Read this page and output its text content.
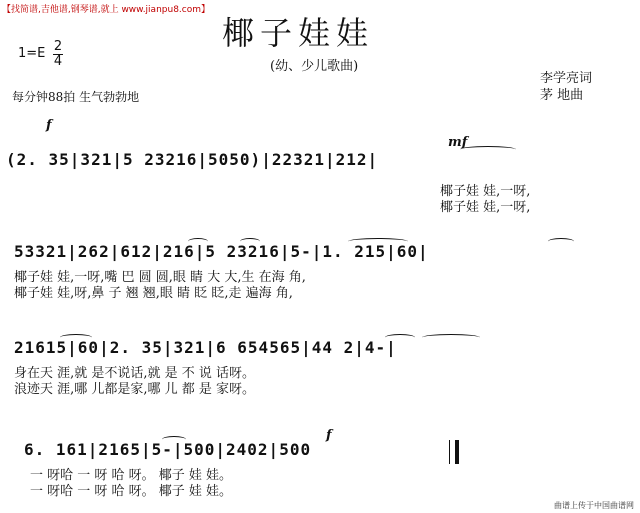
【找简谱,吉他谱,钢琴谱,就上 www.jianpu8.com】
椰子娃娃
(幼、少儿歌曲)
1=E 2
4
每分钟88拍 生气勃勃地
李学亮词
茅 地曲
f
mf
(2. 35|321|5 23216|5050)|22321|212|
椰子娃 娃,一呀,
椰子娃 娃,一呀,
53321|262|612|216|5 23216|5-|1. 215|60|
椰子娃 娃,一呀,嘴 巴 圆 圆,眼 睛 大 大,生 在海 角,
椰子娃 娃,呀,鼻 子 翘 翘,眼 睛 眨 眨,走 遍海 角,
21615|60|2. 35|321|6 654565|44 2|4-|
身在天 涯,就 是不说话,就 是 不 说 话呀。
浪迹天 涯,哪 儿都是家,哪 儿 都 是 家呀。
f
6. 161|2165|5-|500|2402|500
一 呀哈 一 呀 哈 呀。 椰子 娃 娃。
一 呀哈 一 呀 哈 呀。 椰子 娃 娃。
曲谱上传于中国曲谱网
